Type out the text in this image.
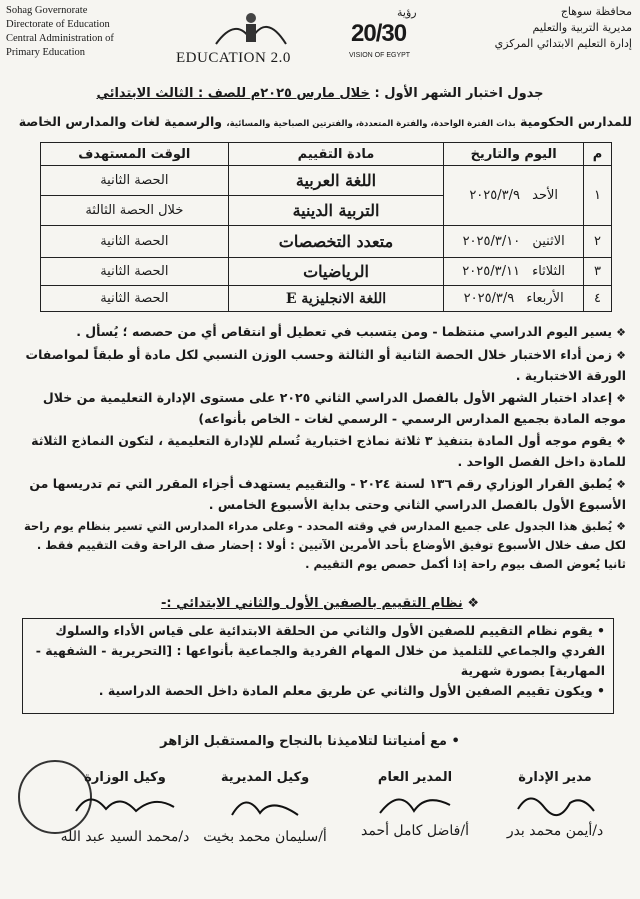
Sohag Governorate
Directorate of Education
Central Administration of
Primary Education	EDUCATION 2.0
رؤية
20/30
VISION OF EGYPT
محافظة سوهاج
مديرية التربية والتعليم
إدارة التعليم الابتدائي المركزي
جدول اختبار الشهر الأول : خلال مارس ٢٠٢٥م للصف : الثالث الابتدائي
للمدارس الحكومية بذات الفترة الواحدة، والفترة المتعددة، والفترتين الصباحية والمسائية، والرسمية لغات والمدارس الخاصة
م	اليوم والتاريخ	مادة التقييم	الوقت المستهدف
١	الأحد ٢٠٢٥/٣/٩	اللغة العربية	الحصة الثانية
		التربية الدينية	خلال الحصة الثالثة
٢	الاثنين ٢٠٢٥/٣/١٠	متعدد التخصصات	الحصة الثانية
٣	الثلاثاء ٢٠٢٥/٣/١١	الرياضيات	الحصة الثانية
٤	الأربعاء ٢٠٢٥/٣/٩	اللغة الانجليزية E	الحصة الثانية

❖يسير اليوم الدراسي منتظما - ومن يتسبب في تعطيل أو انتقاص أي من حصصه ؛ يُسأل .

❖زمن أداء الاختبار خلال الحصة الثانية أو الثالثة وحسب الوزن النسبي لكل مادة أو طبقاً لمواصفات الورقة الاختبارية .

❖إعداد اختبار الشهر الأول بالفصل الدراسي الثاني ٢٠٢٥ على مستوى الإدارة التعليمية من خلال موجه المادة بجميع المدارس الرسمي - الرسمي لغات - الخاص بأنواعه)

❖يقوم موجه أول المادة بتنفيذ ٣ ثلاثة نماذج اختبارية تُسلم للإدارة التعليمية ، لتكون النماذج الثلاثة للمادة داخل الفصل الواحد .

❖يُطبق القرار الوزاري رقم ١٣٦ لسنة ٢٠٢٤ - والتقييم يستهدف أجزاء المقرر التي تم تدريسها من الأسبوع الأول بالفصل الدراسي الثاني وحتى بداية الأسبوع الخامس .

❖يُطبق هذا الجدول على جميع المدارس في وقته المحدد - وعلى مدراء المدارس التي تسير بنظام يوم راحة لكل صف خلال الأسبوع توفيق الأوضاع بأحد الأمرين الآتيين : أولا : إحضار صف الراحة وقت التقييم فقط . ثانيا يُعوض الصف بيوم راحة إذا أكمل حصص يوم التقييم .

❖ نظام التقييم بالصفين الأول والثاني الابتدائي :-

• يقوم نظام التقييم للصفين الأول والثاني من الحلقة الابتدائية على قياس الأداء والسلوك الفردي والجماعي للتلميذ من خلال المهام الفردية والجماعية بأنواعها : [التحريرية - الشفهية - المهارية] بصورة شهرية

• ويكون تقييم الصفين الأول والثاني عن طريق معلم المادة داخل الحصة الدراسية .

• مع أمنياتنا لتلاميذنا بالنجاح والمستقبل الزاهر
مدير الإدارة
د/أيمن محمد بدر
المدير العام
أ/فاضل كامل أحمد
وكيل المديرية
أ/سليمان محمد بخيت
وكيل الوزارة
د/محمد السيد عبد الله
